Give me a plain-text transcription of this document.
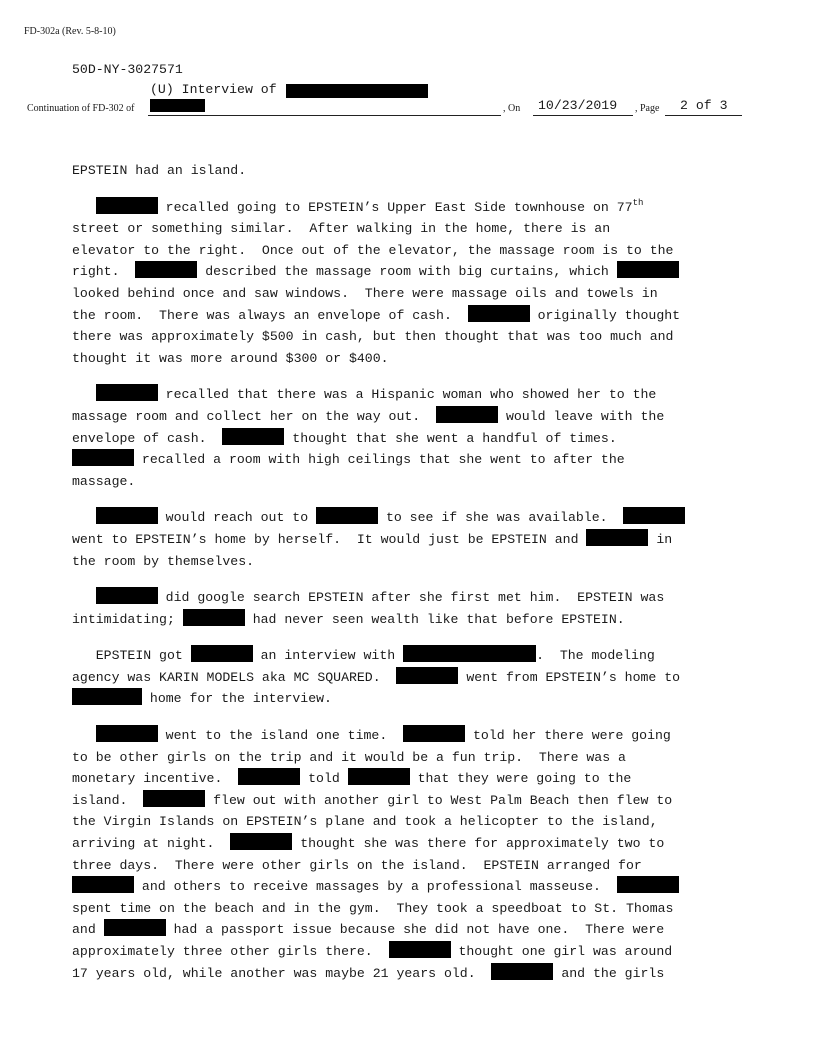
FD-302a (Rev. 5-8-10)
50D-NY-3027571
(U) Interview of
Continuation of FD-302 of	, On 10/23/2019 , Page 2 of 3
EPSTEIN had an island.
recalled going to EPSTEIN’s Upper East Side townhouse on 77th
street or something similar.  After walking in the home, there is an
elevator to the right.  Once out of the elevator, the massage room is to the
right.	described the massage room with big curtains, which
looked behind once and saw windows.  There were massage oils and towels in
the room.  There was always an envelope of cash.	originally thought
there was approximately $500 in cash, but then thought that was too much and
thought it was more around $300 or $400.
recalled that there was a Hispanic woman who showed her to the
massage room and collect her on the way out.	would leave with the
envelope of cash.	thought that she went a handful of times.
recalled a room with high ceilings that she went to after the
massage.
would reach out to	to see if she was available.
went to EPSTEIN’s home by herself.  It would just be EPSTEIN and	in
the room by themselves.
did google search EPSTEIN after she first met him.  EPSTEIN was
intimidating;	had never seen wealth like that before EPSTEIN.
EPSTEIN got	an interview with	.  The modeling
agency was KARIN MODELS aka MC SQUARED.	went from EPSTEIN’s home to
home for the interview.
went to the island one time.	told her there were going
to be other girls on the trip and it would be a fun trip.  There was a
monetary incentive.	told	that they were going to the
island.	flew out with another girl to West Palm Beach then flew to
the Virgin Islands on EPSTEIN’s plane and took a helicopter to the island,
arriving at night.	thought she was there for approximately two to
three days.  There were other girls on the island.  EPSTEIN arranged for
and others to receive massages by a professional masseuse.
spent time on the beach and in the gym.  They took a speedboat to St. Thomas
and	had a passport issue because she did not have one.  There were
approximately three other girls there.	thought one girl was around
17 years old, while another was maybe 21 years old.	and the girls
